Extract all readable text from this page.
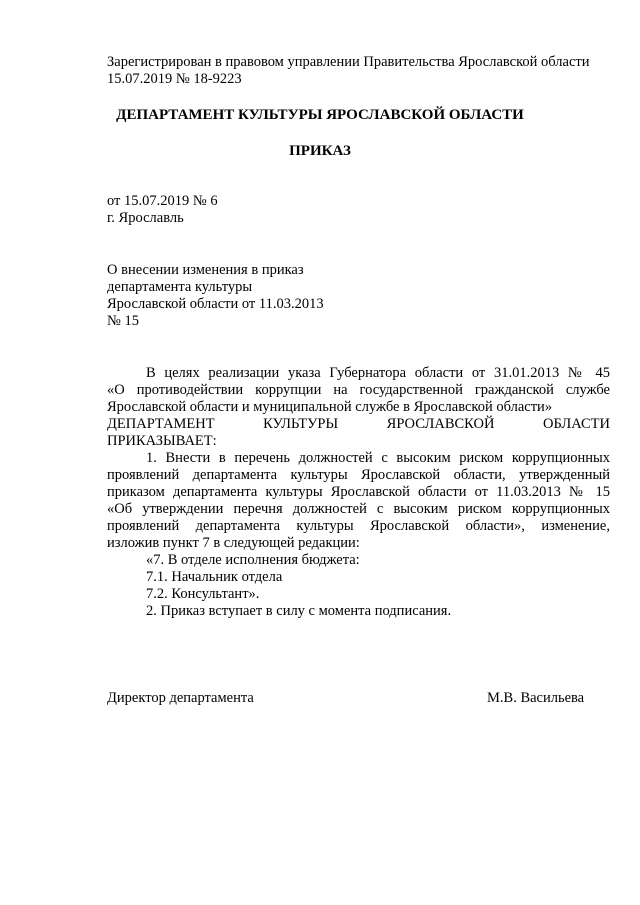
Зарегистрирован в правовом управлении Правительства Ярославской области
15.07.2019 № 18-9223
ДЕПАРТАМЕНТ КУЛЬТУРЫ ЯРОСЛАВСКОЙ ОБЛАСТИ
ПРИКАЗ
от 15.07.2019 № 6
г. Ярославль
О внесении изменения в приказ
департамента культуры
Ярославской области от 11.03.2013
№ 15
В целях реализации указа Губернатора области от 31.01.2013 № 45
«О противодействии коррупции на государственной гражданской службе
Ярославской области и муниципальной службе в Ярославской области»
ДЕПАРТАМЕНТ КУЛЬТУРЫ ЯРОСЛАВСКОЙ ОБЛАСТИ
ПРИКАЗЫВАЕТ:
1. Внести в перечень должностей с высоким риском коррупционных
проявлений департамента культуры Ярославской области, утвержденный
приказом департамента культуры Ярославской области от 11.03.2013 № 15
«Об утверждении перечня должностей с высоким риском коррупционных
проявлений департамента культуры Ярославской области», изменение,
изложив пункт 7 в следующей редакции:
«7. В отделе исполнения бюджета:
7.1. Начальник отдела
7.2. Консультант».
2. Приказ вступает в силу с момента подписания.
Директор департамента	М.В. Васильева
